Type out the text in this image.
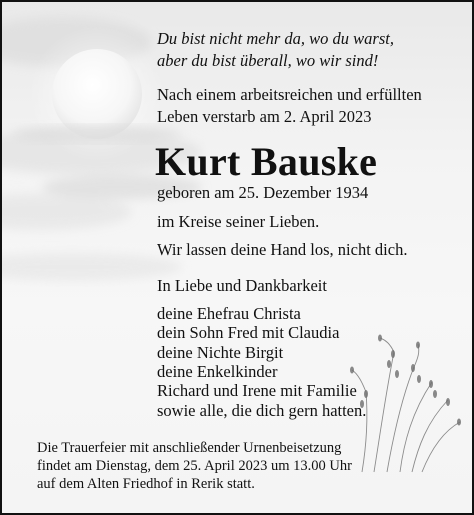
Du bist nicht mehr da, wo du warst,
aber du bist überall, wo wir sind!
Nach einem arbeitsreichen und erfüllten
Leben verstarb am 2. April 2023
Kurt Bauske
geboren am 25. Dezember 1934
im Kreise seiner Lieben.
Wir lassen deine Hand los, nicht dich.
In Liebe und Dankbarkeit
deine Ehefrau Christa
dein Sohn Fred mit Claudia
deine Nichte Birgit
deine Enkelkinder
Richard und Irene mit Familie
sowie alle, die dich gern hatten.
Die Trauerfeier mit anschließender Urnenbeisetzung
findet am Dienstag, dem 25. April 2023 um 13.00 Uhr
auf dem Alten Friedhof in Rerik statt.
